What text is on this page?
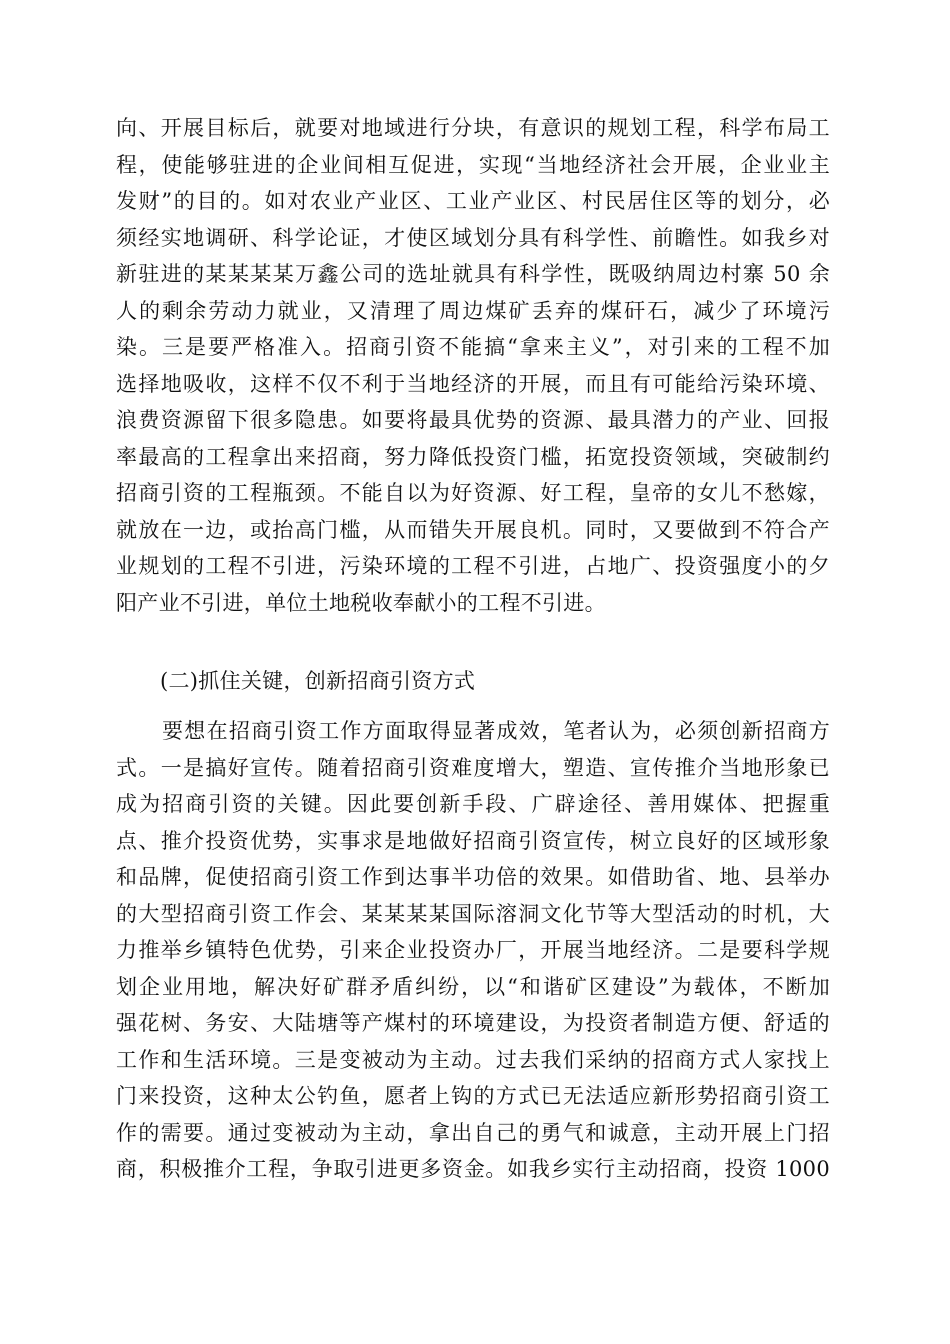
向、开展目标后，就要对地域进行分块，有意识的规划工程，科学布局工
程，使能够驻进的企业间相互促进，实现“当地经济社会开展，企业业主
发财”的目的。如对农业产业区、工业产业区、村民居住区等的划分，必
须经实地调研、科学论证，才使区域划分具有科学性、前瞻性。如我乡对
新驻进的某某某某万鑫公司的选址就具有科学性，既吸纳周边村寨 50 余
人的剩余劳动力就业，又清理了周边煤矿丢弃的煤矸石，减少了环境污
染。三是要严格准入。招商引资不能搞“拿来主义”，对引来的工程不加
选择地吸收，这样不仅不利于当地经济的开展，而且有可能给污染环境、
浪费资源留下很多隐患。如要将最具优势的资源、最具潜力的产业、回报
率最高的工程拿出来招商，努力降低投资门槛，拓宽投资领域，突破制约
招商引资的工程瓶颈。不能自以为好资源、好工程，皇帝的女儿不愁嫁，
就放在一边，或抬高门槛，从而错失开展良机。同时，又要做到不符合产
业规划的工程不引进，污染环境的工程不引进，占地广、投资强度小的夕
阳产业不引进，单位土地税收奉献小的工程不引进。
(二)抓住关键，创新招商引资方式
要想在招商引资工作方面取得显著成效，笔者认为，必须创新招商方
式。一是搞好宣传。随着招商引资难度增大，塑造、宣传推介当地形象已
成为招商引资的关键。因此要创新手段、广辟途径、善用媒体、把握重
点、推介投资优势，实事求是地做好招商引资宣传，树立良好的区域形象
和品牌，促使招商引资工作到达事半功倍的效果。如借助省、地、县举办
的大型招商引资工作会、某某某某国际溶洞文化节等大型活动的时机，大
力推举乡镇特色优势，引来企业投资办厂，开展当地经济。二是要科学规
划企业用地，解决好矿群矛盾纠纷，以“和谐矿区建设”为载体，不断加
强花树、务安、大陆塘等产煤村的环境建设，为投资者制造方便、舒适的
工作和生活环境。三是变被动为主动。过去我们采纳的招商方式人家找上
门来投资，这种太公钓鱼，愿者上钩的方式已无法适应新形势招商引资工
作的需要。通过变被动为主动，拿出自己的勇气和诚意，主动开展上门招
商，积极推介工程，争取引进更多资金。如我乡实行主动招商，投资 1000
